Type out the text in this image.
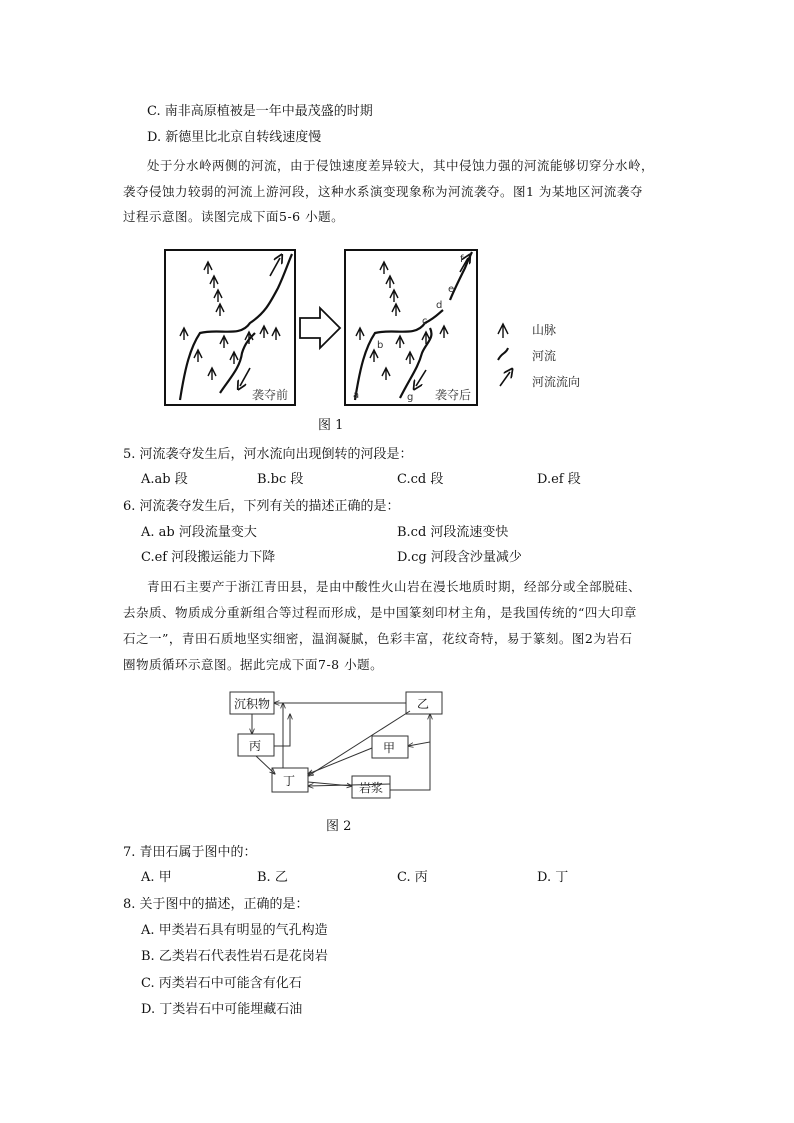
C. 南非高原植被是一年中最茂盛的时期
D. 新德里比北京自转线速度慢
处于分水岭两侧的河流，由于侵蚀速度差异较大，其中侵蚀力强的河流能够切穿分水岭，
袭夺侵蚀力较弱的河流上游河段，这种水系演变现象称为河流袭夺。图1 为某地区河流袭夺
过程示意图。读图完成下面5-6 小题。
袭夺前	a
b
c
d
e
f
g 袭夺后
山脉
河流
河流流向
图 1
5. 河流袭夺发生后，河水流向出现倒转的河段是：
A.ab 段	B.bc 段	C.cd 段	D.ef 段
6. 河流袭夺发生后，下列有关的描述正确的是：
A. ab 河段流量变大	B.cd 河段流速变快
C.ef 河段搬运能力下降	D.cg 河段含沙量减少
青田石主要产于浙江青田县，是由中酸性火山岩在漫长地质时期，经部分或全部脱硅、
去杂质、物质成分重新组合等过程而形成，是中国篆刻印材主角，是我国传统的“四大印章
石之一”，青田石质地坚实细密，温润凝腻，色彩丰富，花纹奇特，易于篆刻。图2为岩石
圈物质循环示意图。据此完成下面7-8 小题。
沉积物	乙
丙	甲
丁	岩浆
图 2
7. 青田石属于图中的：
A. 甲	B. 乙	C. 丙	D. 丁
8. 关于图中的描述，正确的是：
A. 甲类岩石具有明显的气孔构造
B. 乙类岩石代表性岩石是花岗岩
C. 丙类岩石中可能含有化石
D. 丁类岩石中可能埋藏石油
